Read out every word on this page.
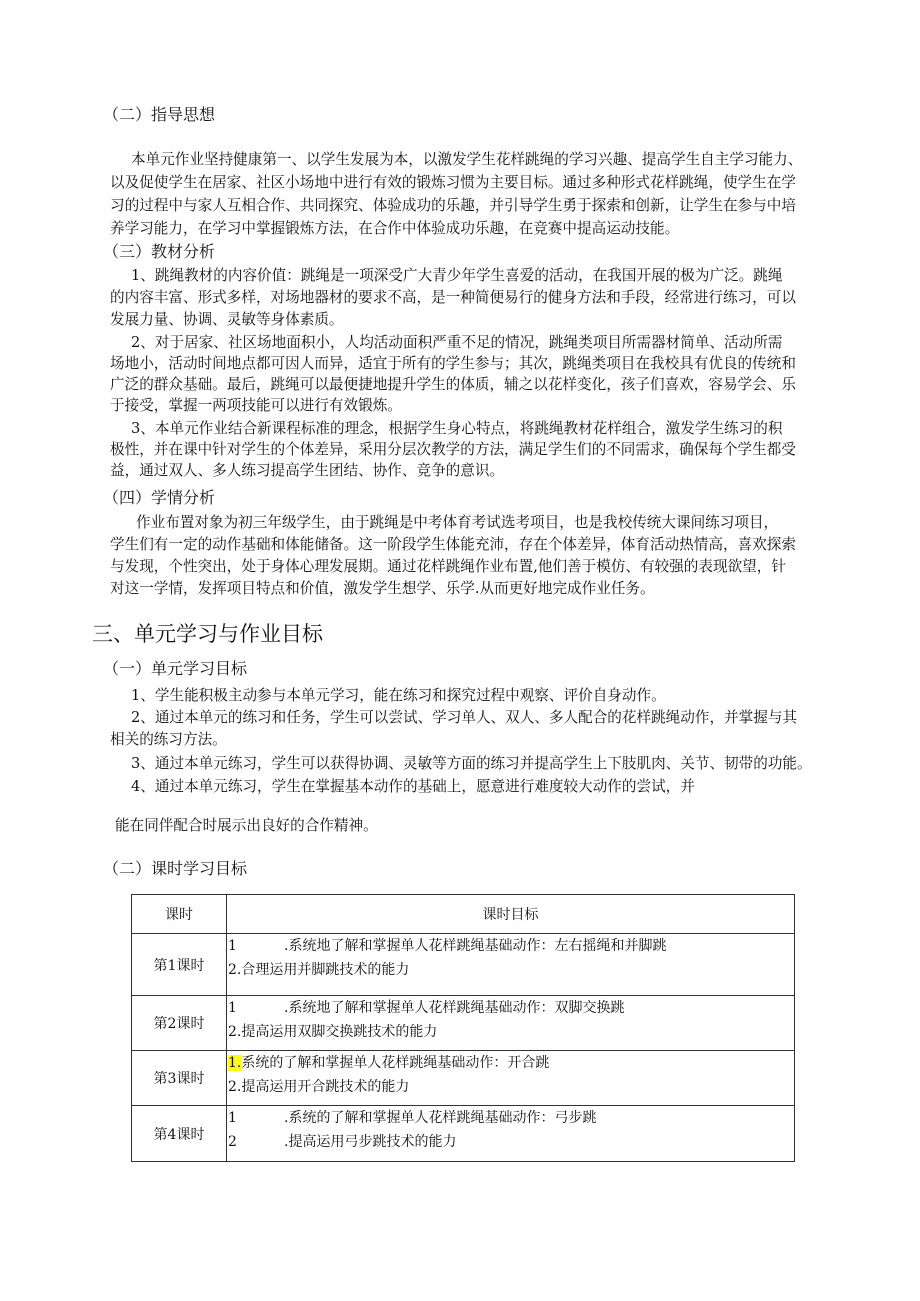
（二）指导思想
本单元作业坚持健康第一、以学生发展为本，以激发学生花样跳绳的学习兴趣、提高学生自主学习能力、
以及促使学生在居家、社区小场地中进行有效的锻炼习惯为主要目标。通过多种形式花样跳绳，使学生在学
习的过程中与家人互相合作、共同探究、体验成功的乐趣，并引导学生勇于探索和创新，让学生在参与中培
养学习能力，在学习中掌握锻炼方法，在合作中体验成功乐趣，在竞赛中提高运动技能。
（三）教材分析
1、跳绳教材的内容价值：跳绳是一项深受广大青少年学生喜爱的活动，在我国开展的极为广泛。跳绳
的内容丰富、形式多样，对场地器材的要求不高，是一种简便易行的健身方法和手段，经常进行练习，可以
发展力量、协调、灵敏等身体素质。
2、对于居家、社区场地面积小，人均活动面积严重不足的情况，跳绳类项目所需器材简单、活动所需
场地小，活动时间地点都可因人而异，适宜于所有的学生参与；其次，跳绳类项目在我校具有优良的传统和
广泛的群众基础。最后，跳绳可以最便捷地提升学生的体质，辅之以花样变化，孩子们喜欢，容易学会、乐
于接受，掌握一两项技能可以进行有效锻炼。
3、本单元作业结合新课程标准的理念，根据学生身心特点，将跳绳教材花样组合，激发学生练习的积
极性，并在课中针对学生的个体差异，采用分层次教学的方法，满足学生们的不同需求，确保每个学生都受
益，通过双人、多人练习提高学生团结、协作、竞争的意识。
（四）学情分析
作业布置对象为初三年级学生，由于跳绳是中考体育考试选考项目，也是我校传统大课间练习项目，
学生们有一定的动作基础和体能储备。这一阶段学生体能充沛，存在个体差异，体育活动热情高，喜欢探索
与发现，个性突出，处于身体心理发展期。通过花样跳绳作业布置,他们善于模仿、有较强的表现欲望，针
对这一学情，发挥项目特点和价值，激发学生想学、乐学.从而更好地完成作业任务。
三、单元学习与作业目标
（一）单元学习目标
1、学生能积极主动参与本单元学习，能在练习和探究过程中观察、评价自身动作。
2、通过本单元的练习和任务，学生可以尝试、学习单人、双人、多人配合的花样跳绳动作，并掌握与其
相关的练习方法。
3、通过本单元练习，学生可以获得协调、灵敏等方面的练习并提高学生上下肢肌肉、关节、韧带的功能。
4、通过本单元练习，学生在掌握基本动作的基础上，愿意进行难度较大动作的尝试，并
能在同伴配合时展示出良好的合作精神。
（二）课时学习目标
课时	课时目标
第1课时	1 .系统地了解和掌握单人花样跳绳基础动作：左右摇绳和并脚跳
2.合理运用并脚跳技术的能力

第2课时	1 .系统地了解和掌握单人花样跳绳基础动作：双脚交换跳
2.提高运用双脚交换跳技术的能力

第3课时	1.系统的了解和掌握单人花样跳绳基础动作：开合跳
2.提高运用开合跳技术的能力

第4课时	1 .系统的了解和掌握单人花样跳绳基础动作：弓步跳
2 .提高运用弓步跳技术的能力
